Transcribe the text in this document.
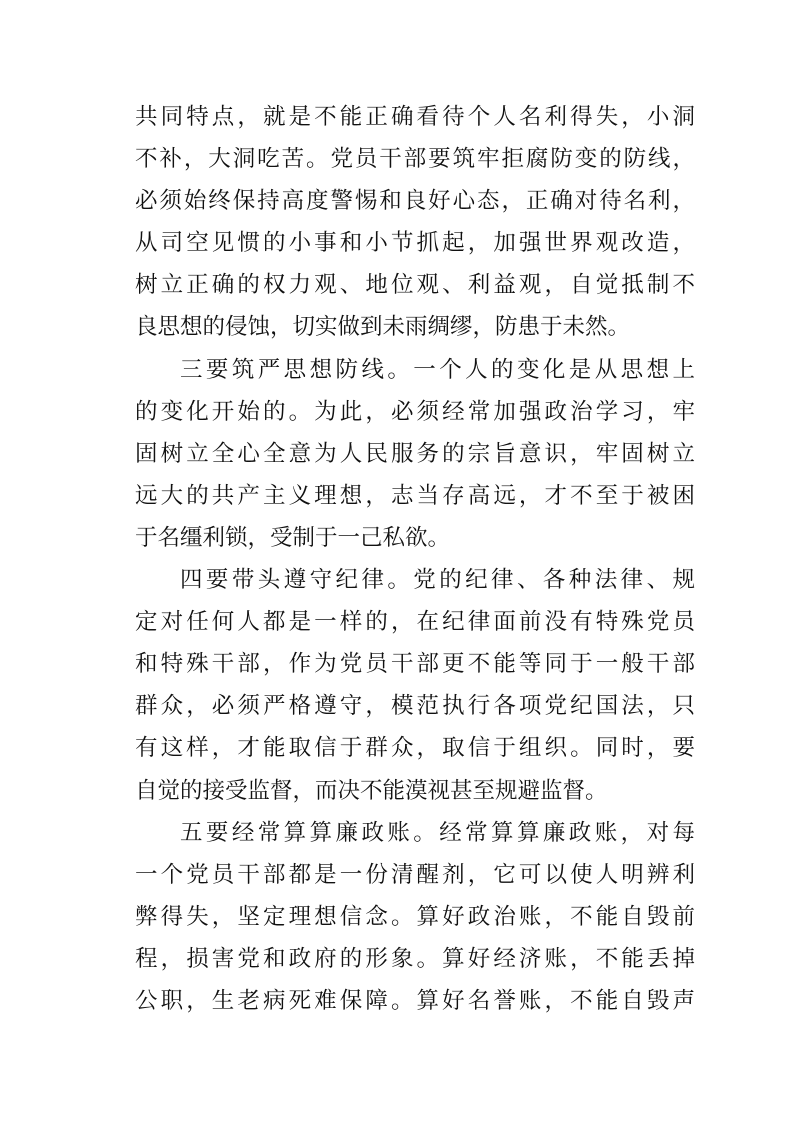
共同特点，就是不能正确看待个人名利得失，小洞
不补，大洞吃苦。党员干部要筑牢拒腐防变的防线，
必须始终保持高度警惕和良好心态，正确对待名利，
从司空见惯的小事和小节抓起，加强世界观改造，
树立正确的权力观、地位观、利益观，自觉抵制不
良思想的侵蚀，切实做到未雨绸缪，防患于未然。
三要筑严思想防线。一个人的变化是从思想上
的变化开始的。为此，必须经常加强政治学习，牢
固树立全心全意为人民服务的宗旨意识，牢固树立
远大的共产主义理想，志当存高远，才不至于被困
于名缰利锁，受制于一己私欲。
四要带头遵守纪律。党的纪律、各种法律、规
定对任何人都是一样的，在纪律面前没有特殊党员
和特殊干部，作为党员干部更不能等同于一般干部
群众，必须严格遵守，模范执行各项党纪国法，只
有这样，才能取信于群众，取信于组织。同时，要
自觉的接受监督，而决不能漠视甚至规避监督。
五要经常算算廉政账。经常算算廉政账，对每
一个党员干部都是一份清醒剂，它可以使人明辨利
弊得失，坚定理想信念。算好政治账，不能自毁前
程，损害党和政府的形象。算好经济账，不能丢掉
公职，生老病死难保障。算好名誉账，不能自毁声
